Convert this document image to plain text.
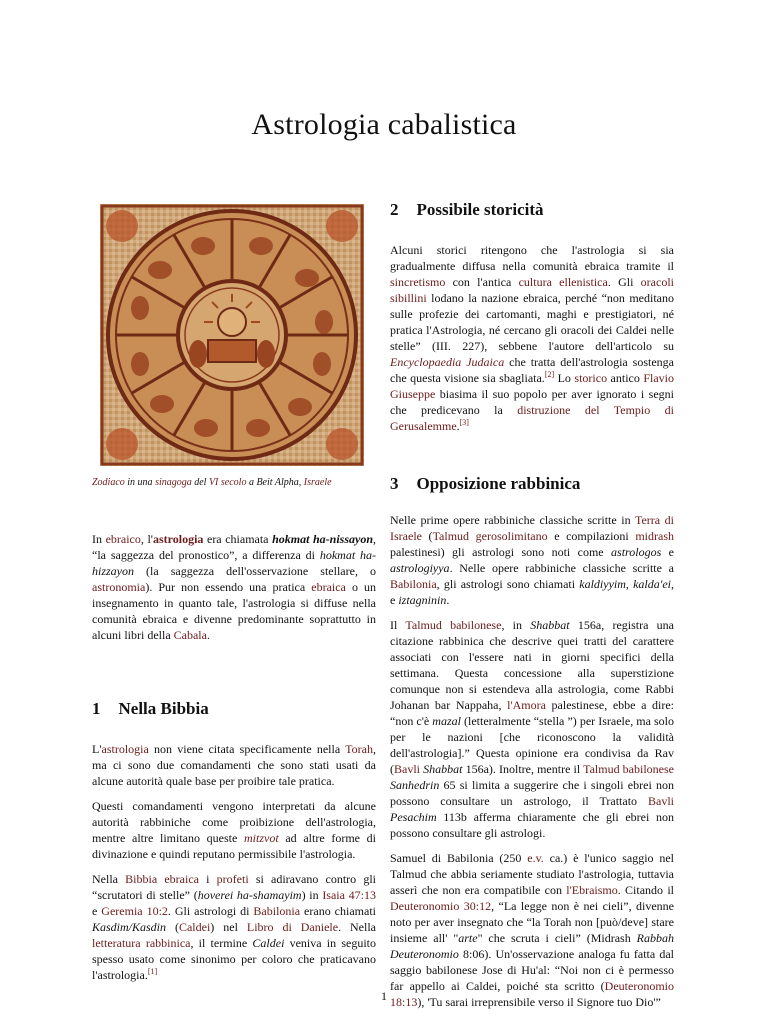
Astrologia cabalistica

Zodiaco in una sinagoga del VI secolo a Beit Alpha, Israele

In ebraico, l'astrologia era chiamata hokmat ha-nissayon, “la saggezza del pronostico”, a differenza di hokmat ha-hizzayon (la saggezza dell'osservazione stellare, o astronomia). Pur non essendo una pratica ebraica o un insegnamento in quanto tale, l'astrologia si diffuse nella comunità ebraica e divenne predominante soprattutto in alcuni libri della Cabala.

1 Nella Bibbia

L'astrologia non viene citata specificamente nella Torah, ma ci sono due comandamenti che sono stati usati da alcune autorità quale base per proibire tale pratica.

Questi comandamenti vengono interpretati da alcune autorità rabbiniche come proibizione dell'astrologia, mentre altre limitano queste mitzvot ad altre forme di divinazione e quindi reputano permissibile l'astrologia.

Nella Bibbia ebraica i profeti si adiravano contro gli “scrutatori di stelle” (hoverei ha-shamayim) in Isaia 47:13 e Geremia 10:2. Gli astrologi di Babilonia erano chiamati Kasdim/Kasdin (Caldei) nel Libro di Daniele. Nella letteratura rabbinica, il termine Caldei veniva in seguito spesso usato come sinonimo per coloro che praticavano l'astrologia.[1]

2 Possibile storicità

Alcuni storici ritengono che l'astrologia si sia gradualmente diffusa nella comunità ebraica tramite il sincretismo con l'antica cultura ellenistica. Gli oracoli sibillini lodano la nazione ebraica, perché “non meditano sulle profezie dei cartomanti, maghi e prestigiatori, né pratica l'Astrologia, né cercano gli oracoli dei Caldei nelle stelle” (III. 227), sebbene l'autore dell'articolo su Encyclopaedia Judaica che tratta dell'astrologia sostenga che questa visione sia sbagliata.[2] Lo storico antico Flavio Giuseppe biasima il suo popolo per aver ignorato i segni che predicevano la distruzione del Tempio di Gerusalemme.[3]

3 Opposizione rabbinica

Nelle prime opere rabbiniche classiche scritte in Terra di Israele (Talmud gerosolimitano e compilazioni midrash palestinesi) gli astrologi sono noti come astrologos e astrologiyya. Nelle opere rabbiniche classiche scritte a Babilonia, gli astrologi sono chiamati kaldiyyim, kalda'ei, e iztagninin.

Il Talmud babilonese, in Shabbat 156a, registra una citazione rabbinica che descrive quei tratti del carattere associati con l'essere nati in giorni specifici della settimana. Questa concessione alla superstizione comunque non si estendeva alla astrologia, come Rabbi Johanan bar Nappaha, l'Amora palestinese, ebbe a dire: “non c'è mazal (letteralmente “stella ”) per Israele, ma solo per le nazioni [che riconoscono la validità dell'astrologia].” Questa opinione era condivisa da Rav (Bavli Shabbat 156a). Inoltre, mentre il Talmud babilonese Sanhedrin 65 si limita a suggerire che i singoli ebrei non possono consultare un astrologo, il Trattato Bavli Pesachim 113b afferma chiaramente che gli ebrei non possono consultare gli astrologi.

Samuel di Babilonia (250 e.v. ca.) è l'unico saggio nel Talmud che abbia seriamente studiato l'astrologia, tuttavia asserì che non era compatibile con l'Ebraismo. Citando il Deuteronomio 30:12, “La legge non è nei cieli”, divenne noto per aver insegnato che “la Torah non [può/deve] stare insieme all' "arte" che scruta i cieli” (Midrash Rabbah Deuteronomio 8:06). Un'osservazione analoga fu fatta dal saggio babilonese Jose di Hu'al: “Noi non ci è permesso far appello ai Caldei, poiché sta scritto (Deuteronomio 18:13), 'Tu sarai irreprensibile verso il Signore tuo Dio'”

1
